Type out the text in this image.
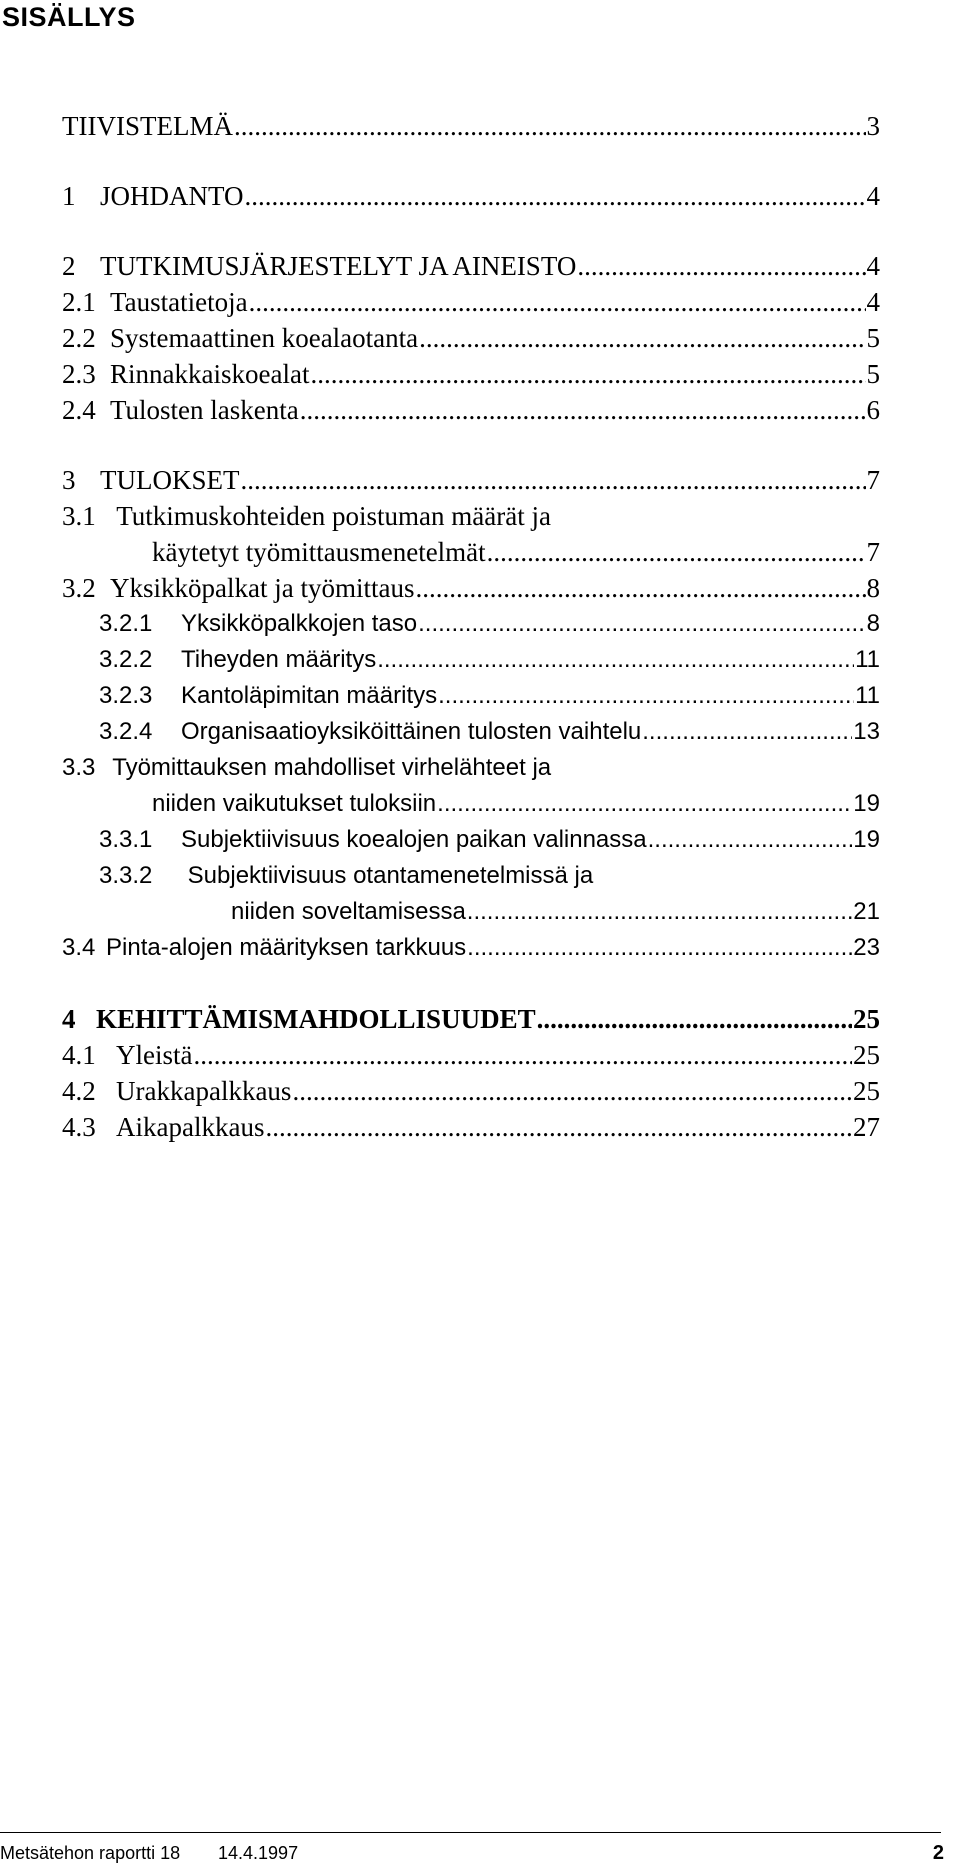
SISÄLLYS
TIIVISTELMÄ .....	3
1 JOHDANTO .....	4
2 TUTKIMUSJÄRJESTELYT JA AINEISTO .....	4
2.1 Taustatietoja .....	4
2.2 Systemaattinen koealaotanta .....	5
2.3 Rinnakkaiskoealat .....	5
2.4 Tulosten laskenta .....	6
3 TULOKSET .....	7
3.1 Tutkimuskohteiden poistuman määrät ja
käytetyt työmittausmenetelmät .....	7
3.2 Yksikköpalkat ja työmittaus .....	8
3.2.1	Yksikköpalkkojen taso .....	8
3.2.2	Tiheyden määritys .....	11
3.2.3	Kantoläpimitan määritys .....	11
3.2.4	Organisaatioyksiköittäinen tulosten vaihtelu .....	13
3.3 Työmittauksen mahdolliset virhelähteet ja
niiden vaikutukset tuloksiin .....	19
3.3.1	Subjektiivisuus koealojen paikan valinnassa .....	19
3.3.2 Subjektiivisuus otantamenetelmissä ja
niiden soveltamisessa .....	21
3.4 Pinta-alojen määrityksen tarkkuus .....	23
4 KEHITTÄMISMAHDOLLISUUDET .....	25
4.1 Yleistä .....	25
4.2 Urakkapalkkaus .....	25
4.3 Aikapalkkaus .....	27
Metsätehon raportti 18 14.4.1997	2
